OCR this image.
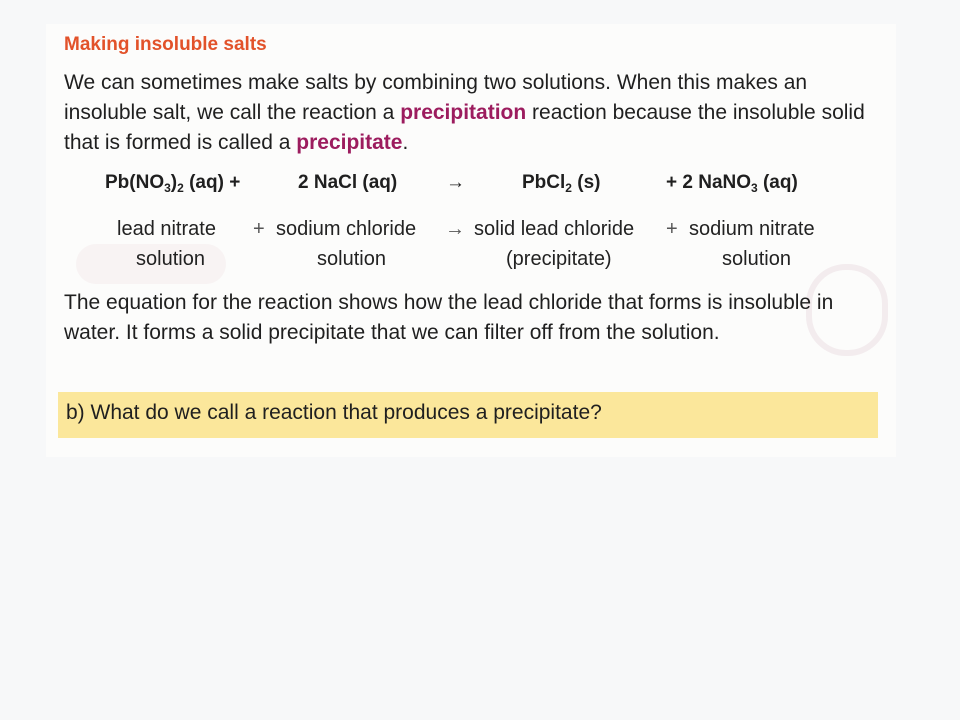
Making insoluble salts
We can sometimes make salts by combining two solutions. When this makes an insoluble salt, we call the reaction a precipitation reaction because the insoluble solid that is formed is called a precipitate.
$Pb(NO_3)_2$ (aq) +	2 NaCl (aq)	→	PbCl$_2$ (s)	+ 2 NaNO$_3$ (aq)
lead nitrate + sodium chloride → solid lead chloride + sodium nitrate
solution	solution	(precipitate)	solution
The equation for the reaction shows how the lead chloride that forms is insoluble in water. It forms a solid precipitate that we can filter off from the solution.
b) What do we call a reaction that produces a precipitate?
